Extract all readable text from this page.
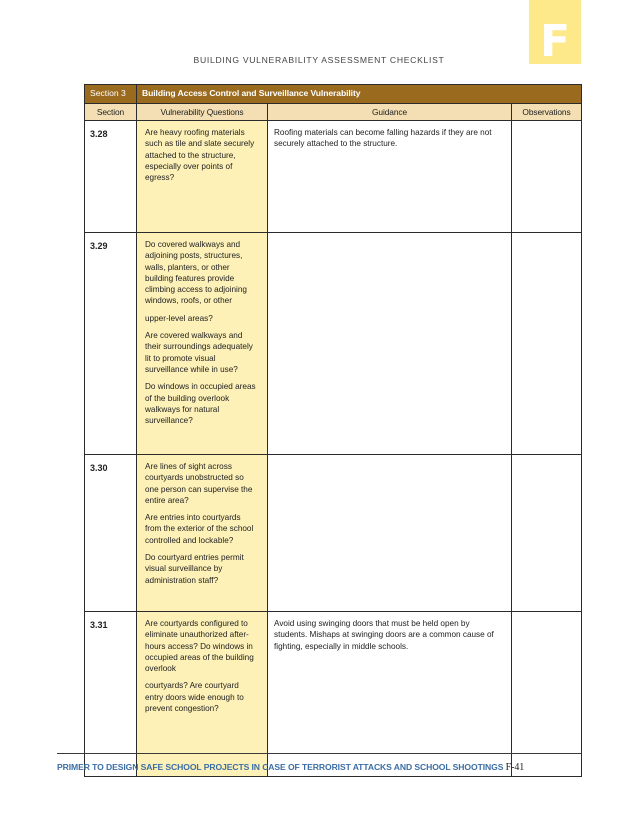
F
BUILDING VULNERABILITY ASSESSMENT CHECKLIST
Section 3	Building Access Control and Surveillance Vulnerability		
Section	Vulnerability Questions	Guidance	Observations
3.28	Are heavy roofing materials such as tile and slate securely attached to the structure, especially over points of egress?	Roofing materials can become falling hazards if they are not securely attached to the structure.	
3.29	Do covered walkways and adjoining posts, structures, walls, planters, or other building features provide climbing access to adjoining windows, roofs, or other

upper-level areas?

Are covered walkways and their surroundings adequately lit to promote visual surveillance while in use?

Do windows in occupied areas of the building overlook walkways for natural surveillance?		

3.30	Are lines of sight across courtyards unobstructed so one person can supervise the entire area?

Are entries into courtyards from the exterior of the school controlled and lockable?

Do courtyard entries permit visual surveillance by administration staff?		

3.31	Are courtyards configured to eliminate unauthorized after-hours access? Do windows in occupied areas of the building overlook

courtyards? Are courtyard entry doors wide enough to prevent congestion?	Avoid using swinging doors that must be held open by students. Mishaps at swinging doors are a common cause of fighting, especially in middle schools.	
PRIMER TO DESIGN SAFE SCHOOL PROJECTS IN CASE OF TERRORIST ATTACKS AND SCHOOL SHOOTINGS F-41
